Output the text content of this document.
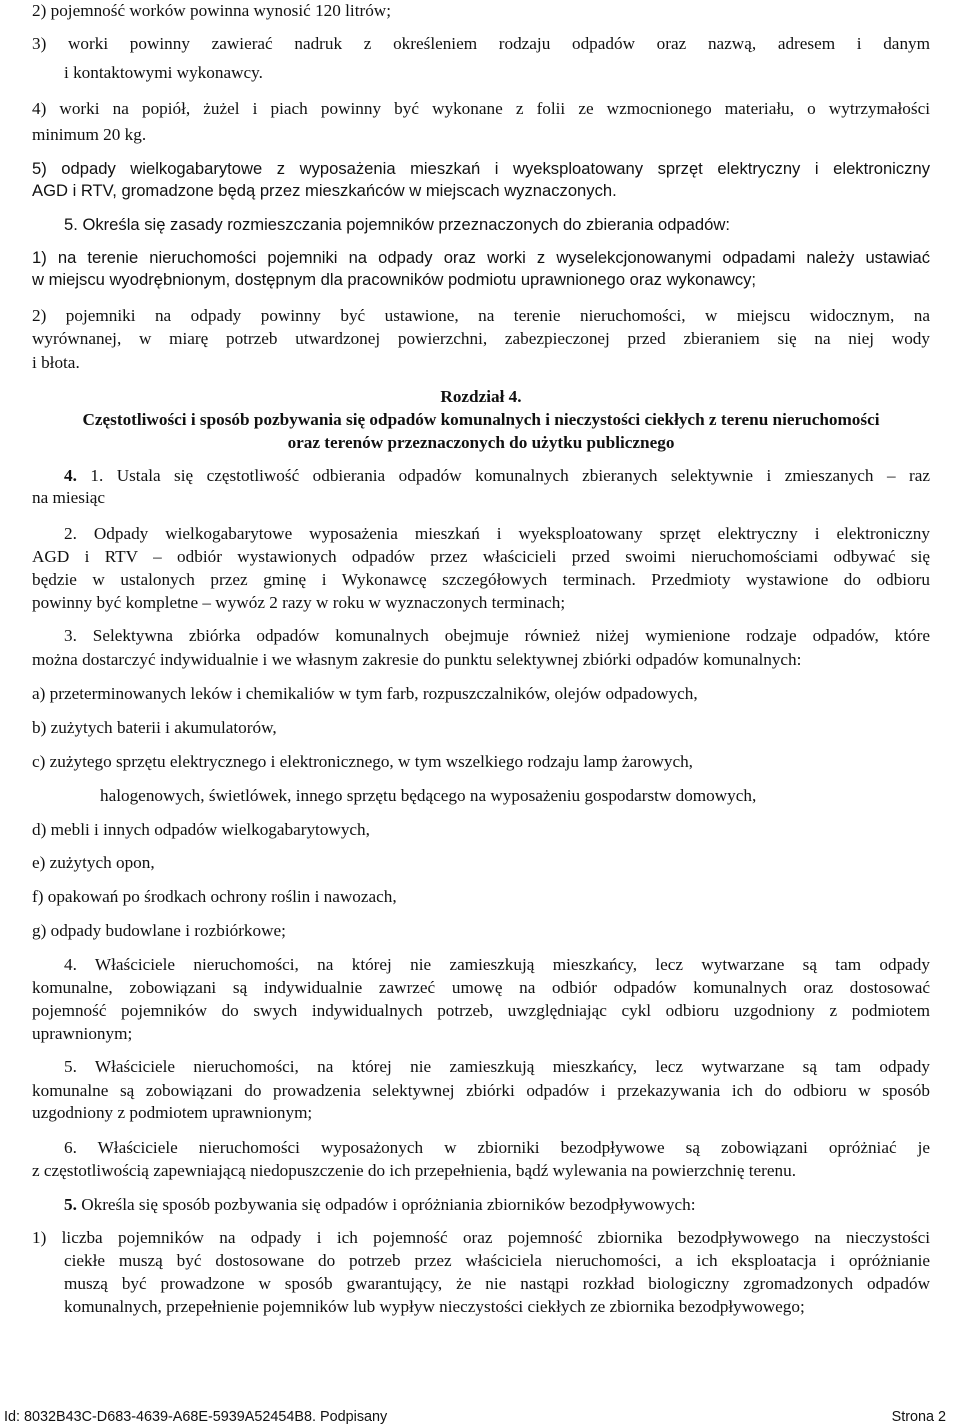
2) pojemność worków powinna wynosić 120 litrów;

3) worki powinny zawierać nadruk z określeniem rodzaju odpadów oraz nazwą, adresem i danym

i kontaktowymi wykonawcy.

4) worki na popiół, żużel i piach powinny być wykonane z folii ze wzmocnionego materiału, o wytrzymałości

minimum 20 kg.

5) odpady wielkogabarytowe z wyposażenia mieszkań i wyeksploatowany sprzęt elektryczny i elektroniczny

AGD i RTV, gromadzone będą przez mieszkańców w miejscach wyznaczonych.

5. Określa się zasady rozmieszczania pojemników przeznaczonych do zbierania odpadów:

1) na terenie nieruchomości pojemniki na odpady oraz worki z wyselekcjonowanymi odpadami należy ustawiać

w miejscu wyodrębnionym, dostępnym dla pracowników podmiotu uprawnionego oraz wykonawcy;

2) pojemniki na odpady powinny być ustawione, na terenie nieruchomości, w miejscu widocznym, na

wyrównanej, w miarę potrzeb utwardzonej powierzchni, zabezpieczonej przed zbieraniem się na niej wody

i błota.

Rozdział 4.

Częstotliwości i sposób pozbywania się odpadów komunalnych i nieczystości ciekłych z terenu nieruchomości

oraz terenów przeznaczonych do użytku publicznego

4. 1. Ustala się częstotliwość odbierania odpadów komunalnych zbieranych selektywnie i zmieszanych – raz

na miesiąc

2. Odpady wielkogabarytowe wyposażenia mieszkań i wyeksploatowany sprzęt elektryczny i elektroniczny

AGD i RTV – odbiór wystawionych odpadów przez właścicieli przed swoimi nieruchomościami odbywać się

będzie w ustalonych przez gminę i Wykonawcę szczegółowych terminach. Przedmioty wystawione do odbioru

powinny być kompletne – wywóz 2 razy w roku w wyznaczonych terminach;

3. Selektywna zbiórka odpadów komunalnych obejmuje również niżej wymienione rodzaje odpadów, które

można dostarczyć indywidualnie i we własnym zakresie do punktu selektywnej zbiórki odpadów komunalnych:

a) przeterminowanych leków i chemikaliów w tym farb, rozpuszczalników, olejów odpadowych,

b) zużytych baterii i akumulatorów,

c) zużytego sprzętu elektrycznego i elektronicznego, w tym wszelkiego rodzaju lamp żarowych,

halogenowych, świetlówek, innego sprzętu będącego na wyposażeniu gospodarstw domowych,

d) mebli i innych odpadów wielkogabarytowych,

e) zużytych opon,

f) opakowań po środkach ochrony roślin i nawozach,

g) odpady budowlane i rozbiórkowe;

4. Właściciele nieruchomości, na której nie zamieszkują mieszkańcy, lecz wytwarzane są tam odpady

komunalne, zobowiązani są indywidualnie zawrzeć umowę na odbiór odpadów komunalnych oraz dostosować

pojemność pojemników do swych indywidualnych potrzeb, uwzględniając cykl odbioru uzgodniony z podmiotem

uprawnionym;

5. Właściciele nieruchomości, na której nie zamieszkują mieszkańcy, lecz wytwarzane są tam odpady

komunalne są zobowiązani do prowadzenia selektywnej zbiórki odpadów i przekazywania ich do odbioru w sposób

uzgodniony z podmiotem uprawnionym;

6. Właściciele nieruchomości wyposażonych w zbiorniki bezodpływowe są zobowiązani opróżniać je

z częstotliwością zapewniającą niedopuszczenie do ich przepełnienia, bądź wylewania na powierzchnię terenu.

5. Określa się sposób pozbywania się odpadów i opróżniania zbiorników bezodpływowych:

1) liczba pojemników na odpady i ich pojemność oraz pojemność zbiornika bezodpływowego na nieczystości

ciekłe muszą być dostosowane do potrzeb przez właściciela nieruchomości, a ich eksploatacja i opróżnianie

muszą być prowadzone w sposób gwarantujący, że nie nastąpi rozkład biologiczny zgromadzonych odpadów

komunalnych, przepełnienie pojemników lub wypływ nieczystości ciekłych ze zbiornika bezodpływowego;

Id: 8032B43C-D683-4639-A68E-5939A52454B8. Podpisany	Strona 2
